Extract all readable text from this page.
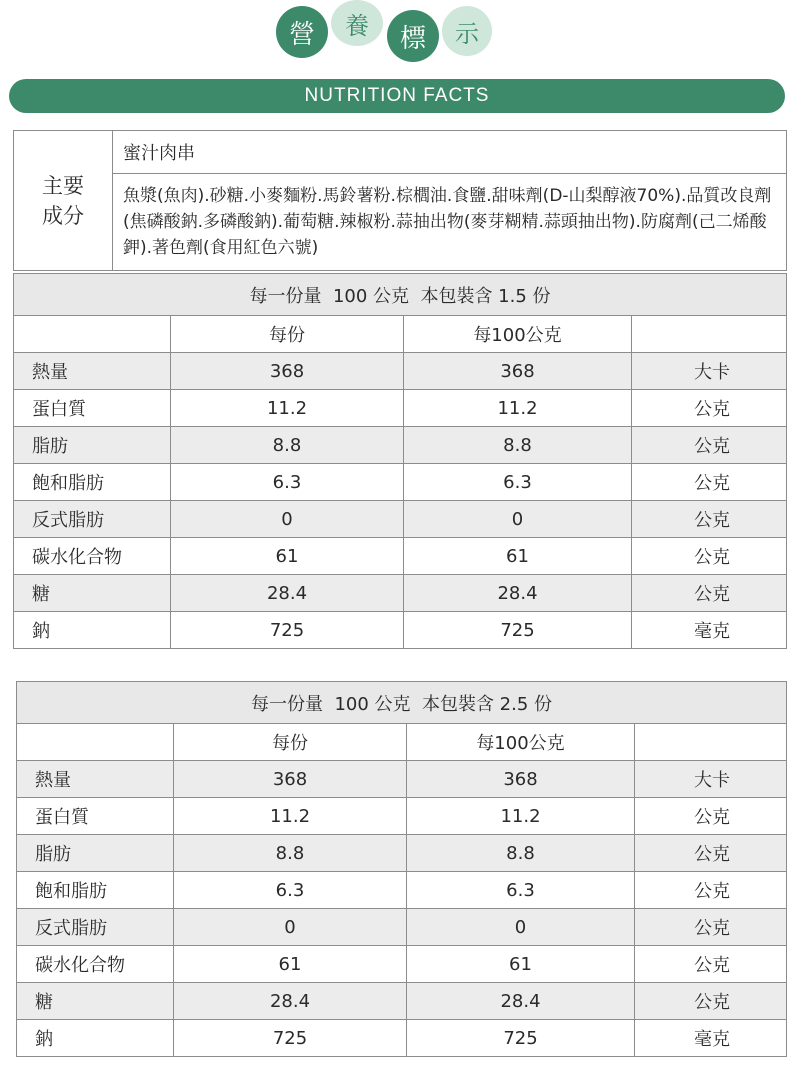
營	養	標	示
NUTRITION FACTS
主要
成分	蜜汁肉串
魚漿(魚肉).砂糖.小麥麵粉.馬鈴薯粉.棕櫚油.食鹽.甜味劑(D-山梨醇液70%).品質改良劑(焦磷酸鈉.多磷酸鈉).葡萄糖.辣椒粉.蒜抽出物(麥芽糊精.蒜頭抽出物).防腐劑(己二烯酸鉀).著色劑(食用紅色六號)
每一份量  100 公克  本包裝含 1.5 份			
	每份	每100公克	
熱量	368	368	大卡
蛋白質	11.2	11.2	公克
脂肪	8.8	8.8	公克
飽和脂肪	6.3	6.3	公克
反式脂肪	0	0	公克
碳水化合物	61	61	公克
糖	28.4	28.4	公克
鈉	725	725	毫克
每一份量  100 公克  本包裝含 2.5 份			
	每份	每100公克	
熱量	368	368	大卡
蛋白質	11.2	11.2	公克
脂肪	8.8	8.8	公克
飽和脂肪	6.3	6.3	公克
反式脂肪	0	0	公克
碳水化合物	61	61	公克
糖	28.4	28.4	公克
鈉	725	725	毫克
